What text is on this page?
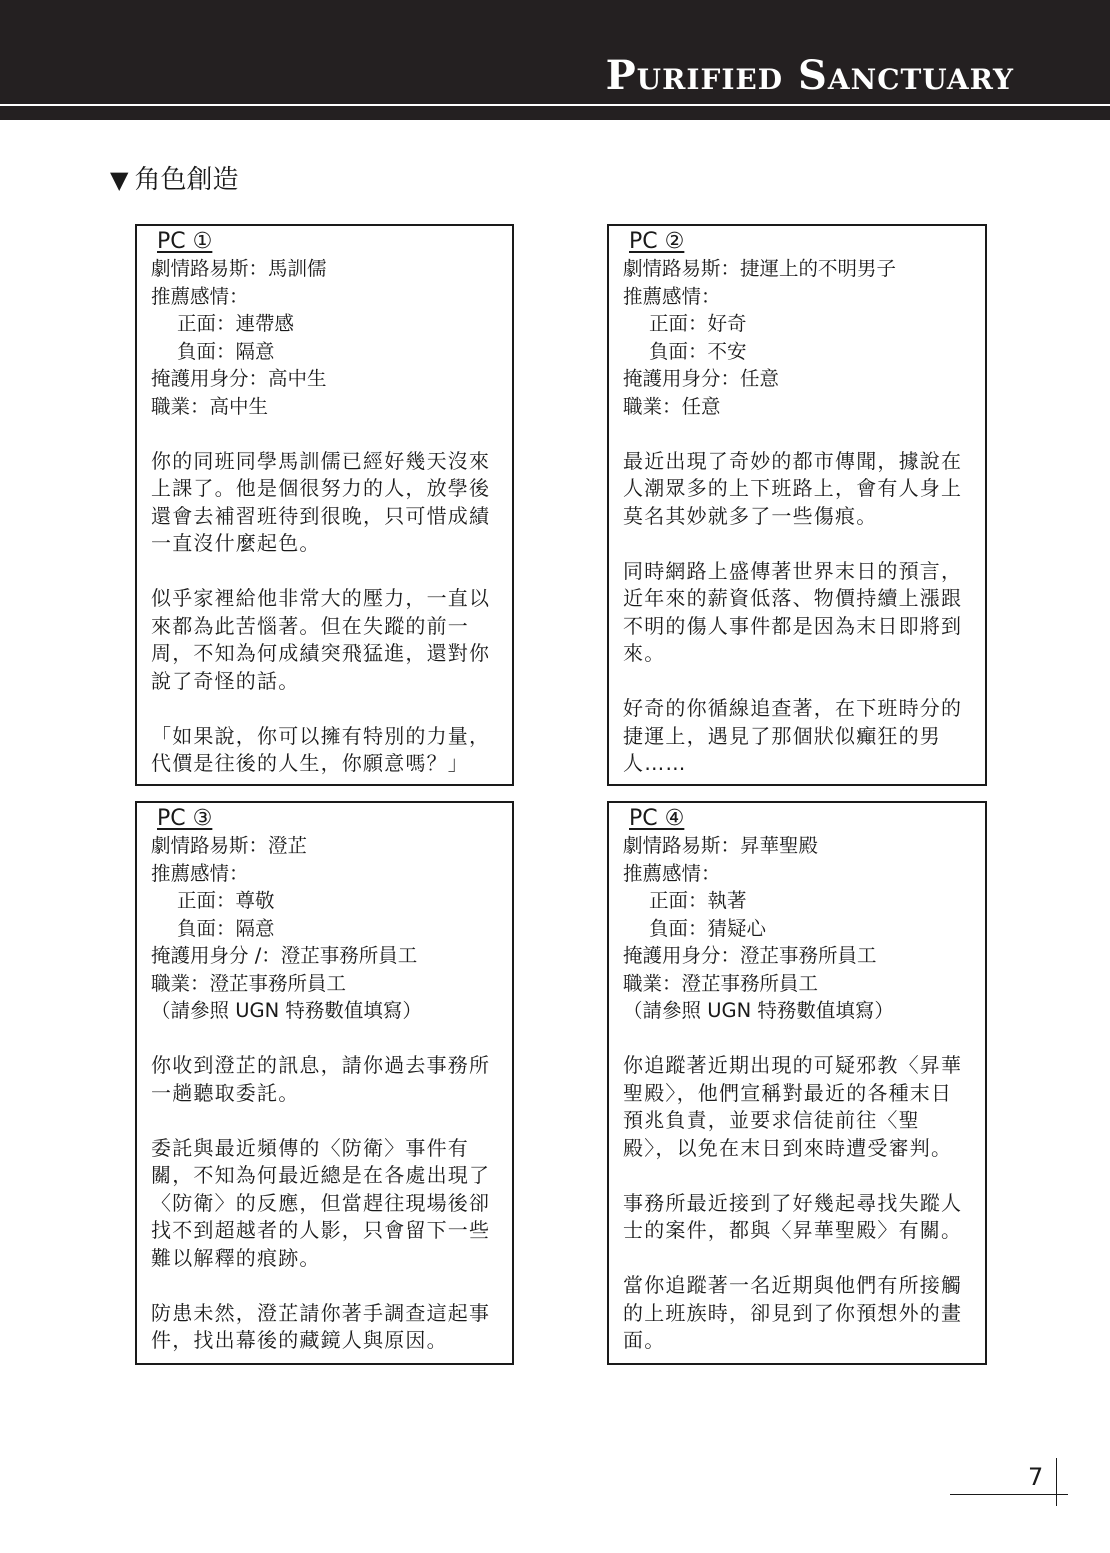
Purified Sanctuary
▼ 角色創造
PC ①
劇情路易斯：馬訓儒
推薦感情：
正面：連帶感
負面：隔意
掩護用身分：高中生
職業：高中生

你的同班同學馬訓儒已經好幾天沒來上課了。他是個很努力的人，放學後還會去補習班待到很晚，只可惜成績一直沒什麼起色。

似乎家裡給他非常大的壓力，一直以來都為此苦惱著。但在失蹤的前一周，不知為何成績突飛猛進，還對你說了奇怪的話。

「如果說，你可以擁有特別的力量，代價是往後的人生，你願意嗎？」

PC ②
劇情路易斯：捷運上的不明男子
推薦感情：
正面：好奇
負面：不安
掩護用身分：任意
職業：任意

最近出現了奇妙的都市傳聞，據說在人潮眾多的上下班路上，會有人身上莫名其妙就多了一些傷痕。

同時網路上盛傳著世界末日的預言，近年來的薪資低落、物價持續上漲跟不明的傷人事件都是因為末日即將到來。

好奇的你循線追查著，在下班時分的捷運上，遇見了那個狀似癲狂的男人……

PC ③
劇情路易斯：澄芷
推薦感情：
正面：尊敬
負面：隔意
掩護用身分 /：澄芷事務所員工
職業：澄芷事務所員工
（請參照 UGN 特務數值填寫）

你收到澄芷的訊息，請你過去事務所一趟聽取委託。

委託與最近頻傳的〈防衛〉事件有關，不知為何最近總是在各處出現了〈防衛〉的反應，但當趕往現場後卻找不到超越者的人影，只會留下一些難以解釋的痕跡。

防患未然，澄芷請你著手調查這起事件，找出幕後的藏鏡人與原因。

PC ④
劇情路易斯：昇華聖殿
推薦感情：
正面：執著
負面：猜疑心
掩護用身分：澄芷事務所員工
職業：澄芷事務所員工
（請參照 UGN 特務數值填寫）

你追蹤著近期出現的可疑邪教〈昇華聖殿〉，他們宣稱對最近的各種末日預兆負責，並要求信徒前往〈聖殿〉，以免在末日到來時遭受審判。

事務所最近接到了好幾起尋找失蹤人士的案件，都與〈昇華聖殿〉有關。

當你追蹤著一名近期與他們有所接觸的上班族時，卻見到了你預想外的畫面。

7
